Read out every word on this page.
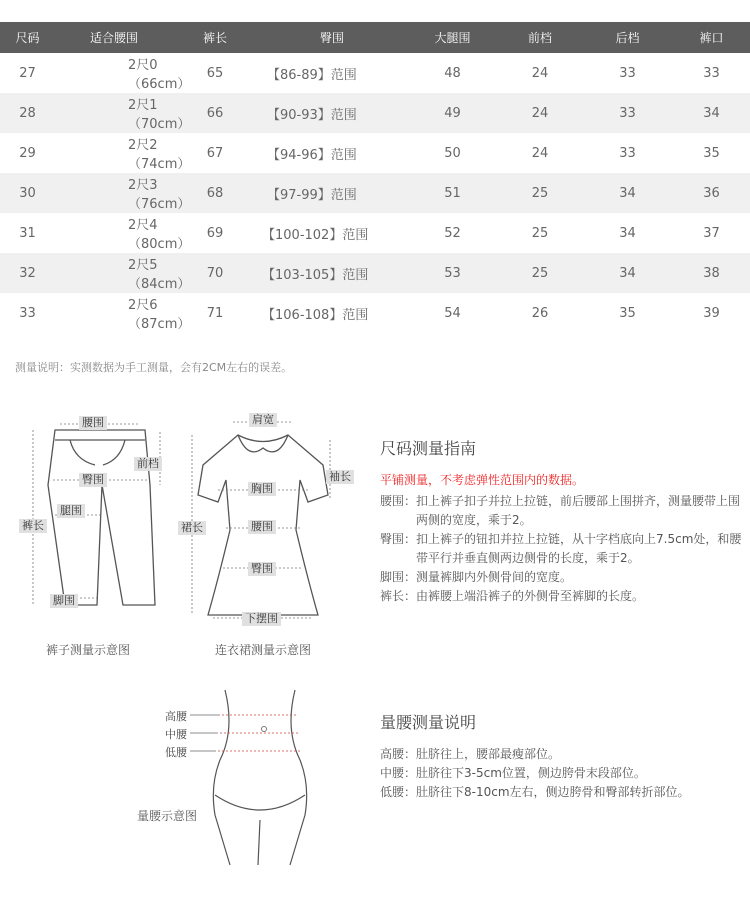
尺码	适合腰围	裤长	臀围	大腿围	前档	后档	裤口
27	2尺0（66cm）	65	【86-89】范围	48	24	33	33
28	2尺1（70cm）	66	【90-93】范围	49	24	33	34
29	2尺2（74cm）	67	【94-96】范围	50	24	33	35
30	2尺3（76cm）	68	【97-99】范围	51	25	34	36
31	2尺4（80cm）	69	【100-102】范围	52	25	34	37
32	2尺5（84cm）	70	【103-105】范围	53	25	34	38
33	2尺6（87cm）	71	【106-108】范围	54	26	35	39
测量说明：实测数据为手工测量，会有2CM左右的误差。
腰围
臀围
腿围
裤长
前档
脚围
裤子测量示意图
肩宽
袖长
胸围
腰围
臀围
裙长
下摆围
连衣裙测量示意图
尺码测量指南
平铺测量，不考虑弹性范围内的数据。
腰围： 扣上裤子扣子并拉上拉链，前后腰部上围拼齐，测量腰带上围两侧的宽度，乘于2。
臀围： 扣上裤子的钮扣并拉上拉链，从十字档底向上7.5cm处，和腰带平行并垂直侧两边侧骨的长度，乘于2。
脚围： 测量裤脚内外侧骨间的宽度。
裤长： 由裤腰上端沿裤子的外侧骨至裤脚的长度。
高腰
中腰
低腰
量腰示意图
量腰测量说明
高腰：肚脐往上，腰部最瘦部位。
中腰：肚脐往下3-5cm位置，侧边胯骨末段部位。
低腰：肚脐往下8-10cm左右，侧边胯骨和臀部转折部位。
